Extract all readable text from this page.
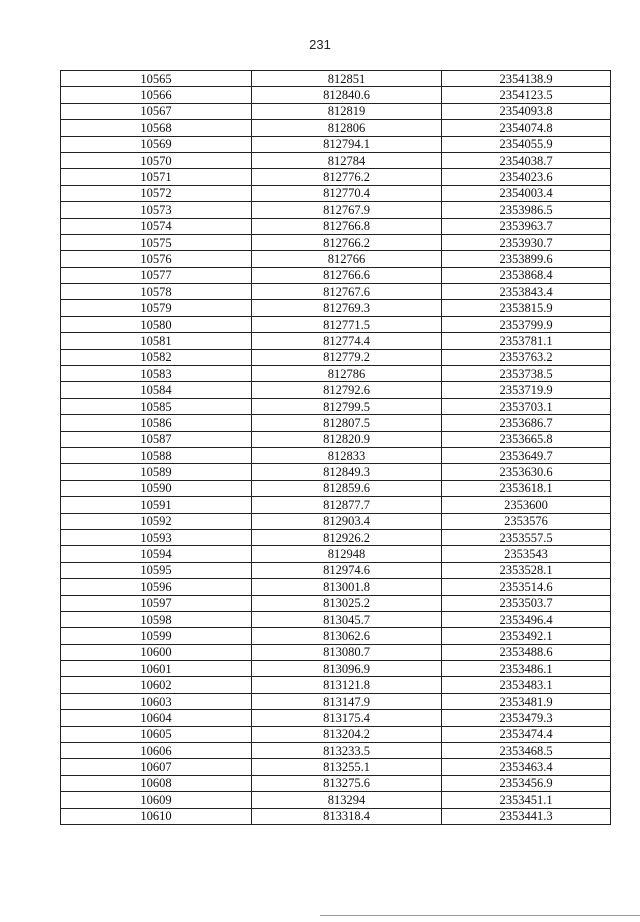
231
10565	812851	2354138.9
10566	812840.6	2354123.5
10567	812819	2354093.8
10568	812806	2354074.8
10569	812794.1	2354055.9
10570	812784	2354038.7
10571	812776.2	2354023.6
10572	812770.4	2354003.4
10573	812767.9	2353986.5
10574	812766.8	2353963.7
10575	812766.2	2353930.7
10576	812766	2353899.6
10577	812766.6	2353868.4
10578	812767.6	2353843.4
10579	812769.3	2353815.9
10580	812771.5	2353799.9
10581	812774.4	2353781.1
10582	812779.2	2353763.2
10583	812786	2353738.5
10584	812792.6	2353719.9
10585	812799.5	2353703.1
10586	812807.5	2353686.7
10587	812820.9	2353665.8
10588	812833	2353649.7
10589	812849.3	2353630.6
10590	812859.6	2353618.1
10591	812877.7	2353600
10592	812903.4	2353576
10593	812926.2	2353557.5
10594	812948	2353543
10595	812974.6	2353528.1
10596	813001.8	2353514.6
10597	813025.2	2353503.7
10598	813045.7	2353496.4
10599	813062.6	2353492.1
10600	813080.7	2353488.6
10601	813096.9	2353486.1
10602	813121.8	2353483.1
10603	813147.9	2353481.9
10604	813175.4	2353479.3
10605	813204.2	2353474.4
10606	813233.5	2353468.5
10607	813255.1	2353463.4
10608	813275.6	2353456.9
10609	813294	2353451.1
10610	813318.4	2353441.3
